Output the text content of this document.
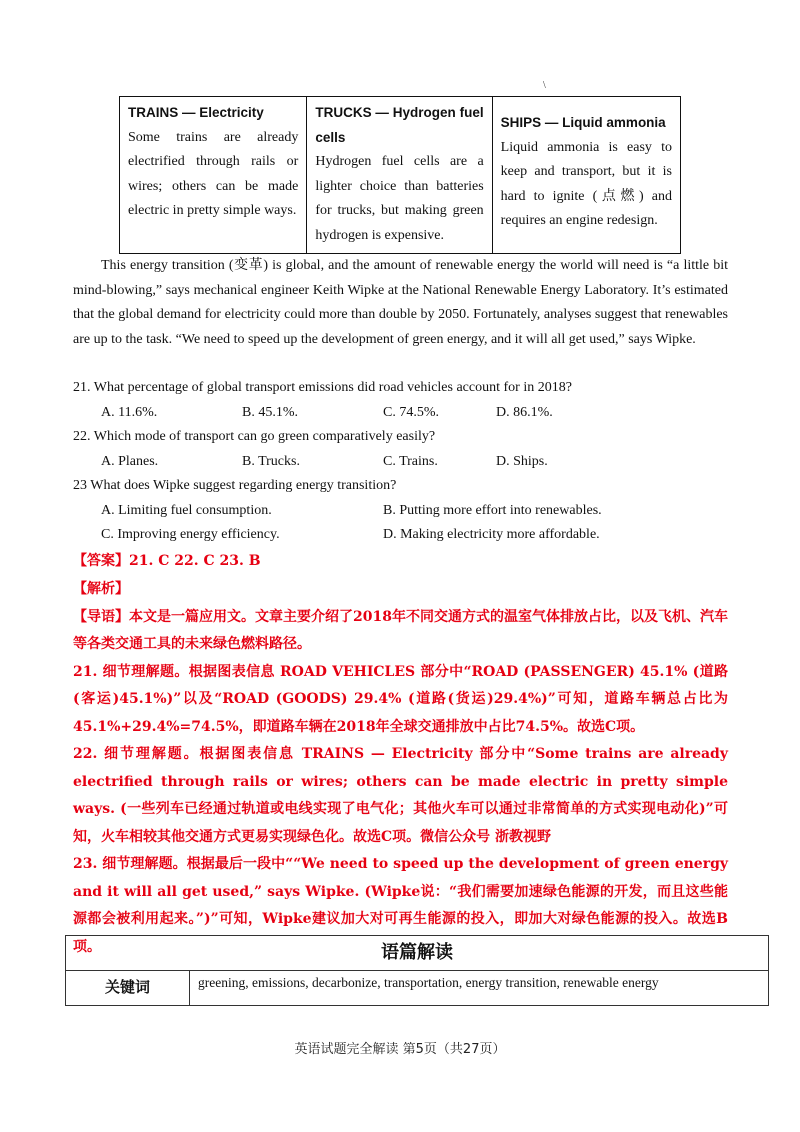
\
TRAINS — Electricity
Some trains are already electrified through rails or wires; others can be made electric in pretty simple ways.
TRUCKS — Hydrogen fuel cells
Hydrogen fuel cells are a lighter choice than batteries for trucks, but making green hydrogen is expensive.
SHIPS — Liquid ammonia
Liquid ammonia is easy to keep and transport, but it is hard to ignite (点燃) and requires an engine redesign.
This energy transition (变革) is global, and the amount of renewable energy the world will need is “a little bit mind-blowing,” says mechanical engineer Keith Wipke at the National Renewable Energy Laboratory. It’s estimated that the global demand for electricity could more than double by 2050. Fortunately, analyses suggest that renewables are up to the task. “We need to speed up the development of green energy, and it will all get used,” says Wipke.
21. What percentage of global transport emissions did road vehicles account for in 2018?
A. 11.6%.	B. 45.1%.	C. 74.5%.	D. 86.1%.
22. Which mode of transport can go green comparatively easily?
A. Planes.	B. Trucks.	C. Trains.	D. Ships.
23 What does Wipke suggest regarding energy transition?
A. Limiting fuel consumption.	B. Putting more effort into renewables.
C. Improving energy efficiency.	D. Making electricity more affordable.
【答案】21. C 22. C 23. B
【解析】
【导语】本文是一篇应用文。文章主要介绍了2018年不同交通方式的温室气体排放占比，以及飞机、汽车等各类交通工具的未来绿色燃料路径。
21. 细节理解题。根据图表信息 ROAD VEHICLES 部分中“ROAD (PASSENGER) 45.1% (道路(客运)45.1%)”以及“ROAD (GOODS) 29.4% (道路(货运)29.4%)”可知，道路车辆总占比为45.1%+29.4%=74.5%，即道路车辆在2018年全球交通排放中占比74.5%。故选C项。
22. 细节理解题。根据图表信息 TRAINS — Electricity 部分中“Some trains are already electrified through rails or wires; others can be made electric in pretty simple ways. (一些列车已经通过轨道或电线实现了电气化；其他火车可以通过非常简单的方式实现电动化)”可知，火车相较其他交通方式更易实现绿色化。故选C项。微信公众号 浙教视野
23. 细节理解题。根据最后一段中““We need to speed up the development of green energy and it will all get used,” says Wipke. (Wipke说：“我们需要加速绿色能源的开发，而且这些能源都会被利用起来。”)”可知，Wipke建议加大对可再生能源的投入，即加大对绿色能源的投入。故选B项。	语篇解读
关键词	greening, emissions, decarbonize, transportation, energy transition, renewable energy
英语试题完全解读 第5页（共27页）
